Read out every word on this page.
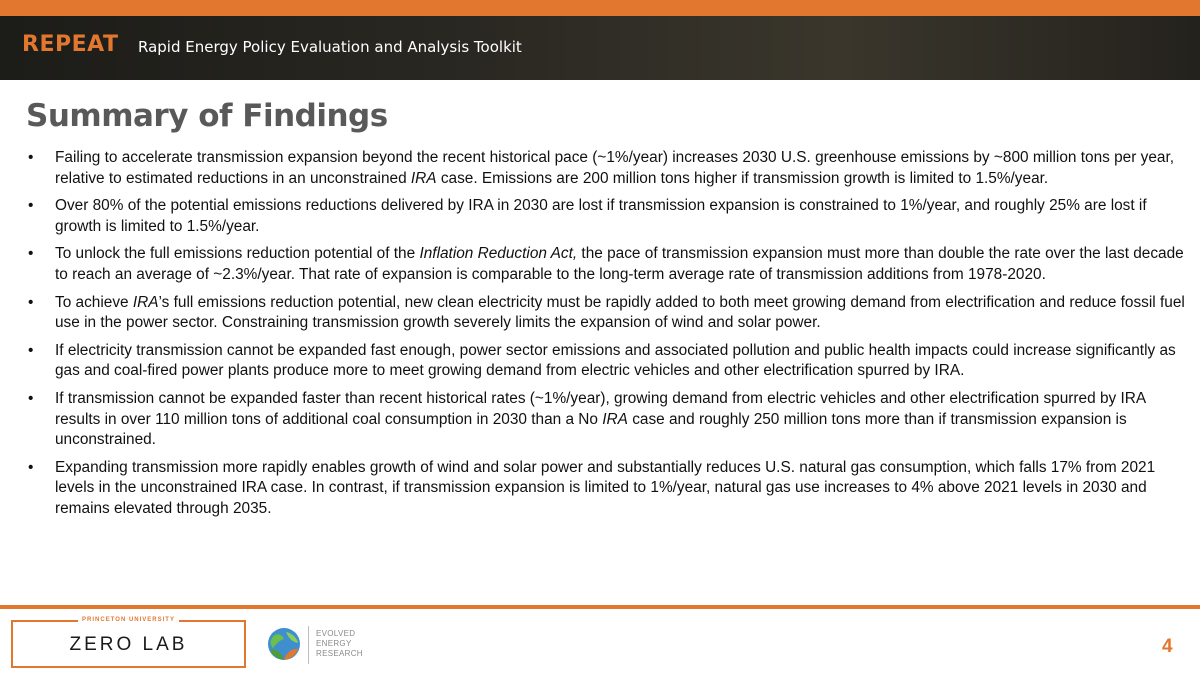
REPEAT Rapid Energy Policy Evaluation and Analysis Toolkit
Summary of Findings
• Failing to accelerate transmission expansion beyond the recent historical pace (~1%/year) increases 2030 U.S. greenhouse emissions by ~800 million tons per year, relative to estimated reductions in an unconstrained IRA case. Emissions are 200 million tons higher if transmission growth is limited to 1.5%/year.
• Over 80% of the potential emissions reductions delivered by IRA in 2030 are lost if transmission expansion is constrained to 1%/year, and roughly 25% are lost if growth is limited to 1.5%/year.
• To unlock the full emissions reduction potential of the Inflation Reduction Act, the pace of transmission expansion must more than double the rate over the last decade to reach an average of ~2.3%/year. That rate of expansion is comparable to the long-term average rate of transmission additions from 1978-2020.
• To achieve IRA’s full emissions reduction potential, new clean electricity must be rapidly added to both meet growing demand from electrification and reduce fossil fuel use in the power sector. Constraining transmission growth severely limits the expansion of wind and solar power.
• If electricity transmission cannot be expanded fast enough, power sector emissions and associated pollution and public health impacts could increase significantly as gas and coal-fired power plants produce more to meet growing demand from electric vehicles and other electrification spurred by IRA.
• If transmission cannot be expanded faster than recent historical rates (~1%/year), growing demand from electric vehicles and other electrification spurred by IRA results in over 110 million tons of additional coal consumption in 2030 than a No IRA case and roughly 250 million tons more than if transmission expansion is unconstrained.
• Expanding transmission more rapidly enables growth of wind and solar power and substantially reduces U.S. natural gas consumption, which falls 17% from 2021 levels in the unconstrained IRA case. In contrast, if transmission expansion is limited to 1%/year, natural gas use increases to 4% above 2021 levels in 2030 and remains elevated through 2035.
PRINCETON UNIVERSITY
ZERO LAB
EVOLVED
ENERGY
RESEARCH	4
